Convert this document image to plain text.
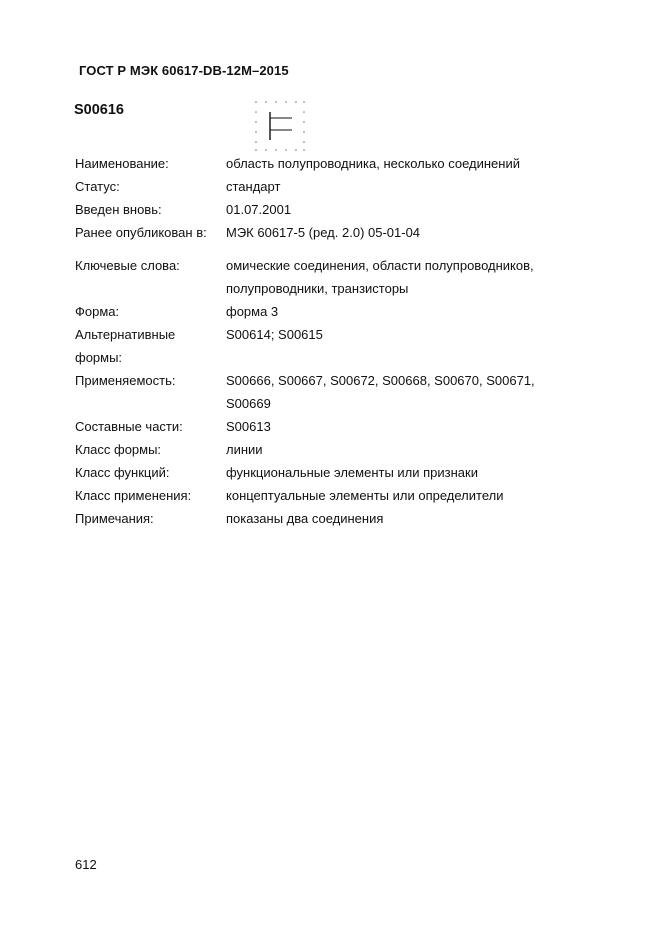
ГОСТ Р МЭК 60617-DB-12M–2015
S00616
Наименование:	область полупроводника, несколько соединений
Статус:	стандарт
Введен вновь:	01.07.2001
Ранее опубликован в:	МЭК 60617-5 (ред. 2.0) 05-01-04
Ключевые слова:	омические соединения, области полупроводников,
полупроводники, транзисторы
Форма:	форма 3
Альтернативные
формы:
S00614; S00615
Применяемость:	S00666, S00667, S00672, S00668, S00670, S00671,
S00669
Составные части:	S00613
Класс формы:	линии
Класс функций:	функциональные элементы или признаки
Класс применения:	концептуальные элементы или определители
Примечания:	показаны два соединения
612
